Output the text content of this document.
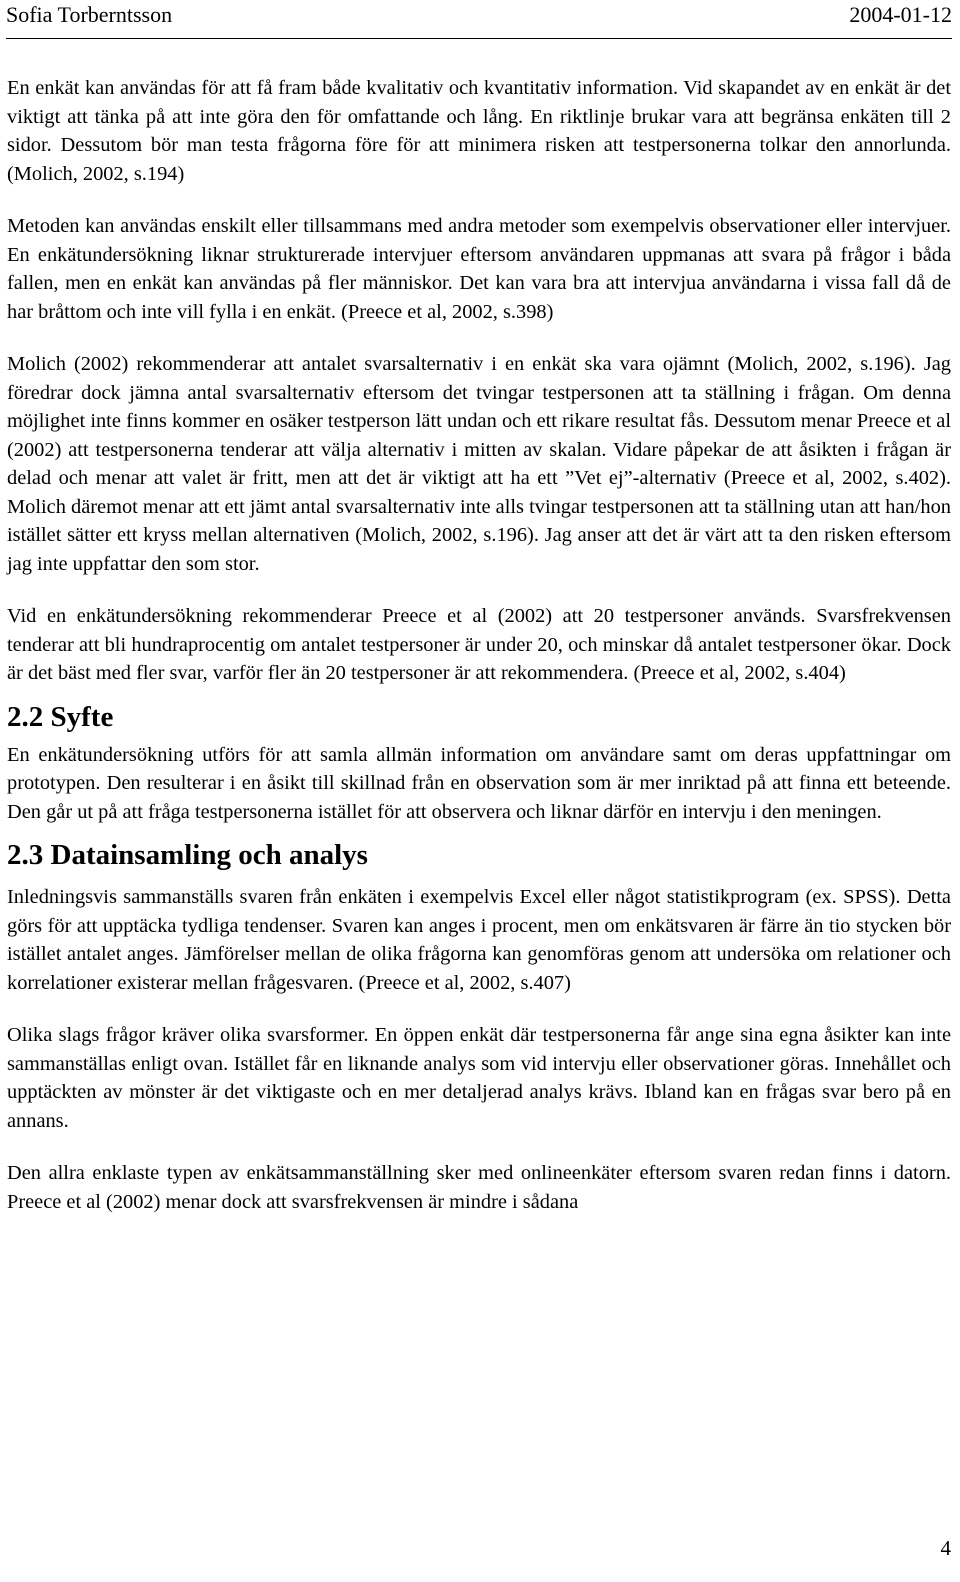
Sofia Torberntsson	2004-01-12

En enkät kan användas för att få fram både kvalitativ och kvantitativ information. Vid skapandet av en enkät är det viktigt att tänka på att inte göra den för omfattande och lång. En riktlinje brukar vara att begränsa enkäten till 2 sidor. Dessutom bör man testa frågorna före för att minimera risken att testpersonerna tolkar den annorlunda. (Molich, 2002, s.194)

Metoden kan användas enskilt eller tillsammans med andra metoder som exempelvis observationer eller intervjuer. En enkätundersökning liknar strukturerade intervjuer eftersom användaren uppmanas att svara på frågor i båda fallen, men en enkät kan användas på fler människor. Det kan vara bra att intervjua användarna i vissa fall då de har bråttom och inte vill fylla i en enkät. (Preece et al, 2002, s.398)

Molich (2002) rekommenderar att antalet svarsalternativ i en enkät ska vara ojämnt (Molich, 2002, s.196). Jag föredrar dock jämna antal svarsalternativ eftersom det tvingar testpersonen att ta ställning i frågan. Om denna möjlighet inte finns kommer en osäker testperson lätt undan och ett rikare resultat fås. Dessutom menar Preece et al (2002) att testpersonerna tenderar att välja alternativ i mitten av skalan. Vidare påpekar de att åsikten i frågan är delad och menar att valet är fritt, men att det är viktigt att ha ett ”Vet ej”-alternativ (Preece et al, 2002, s.402). Molich däremot menar att ett jämt antal svarsalternativ inte alls tvingar testpersonen att ta ställning utan att han/hon istället sätter ett kryss mellan alternativen (Molich, 2002, s.196). Jag anser att det är värt att ta den risken eftersom jag inte uppfattar den som stor.

Vid en enkätundersökning rekommenderar Preece et al (2002) att 20 testpersoner används. Svarsfrekvensen tenderar att bli hundraprocentig om antalet testpersoner är under 20, och minskar då antalet testpersoner ökar. Dock är det bäst med fler svar, varför fler än 20 testpersoner är att rekommendera. (Preece et al, 2002, s.404)

2.2 Syfte

En enkätundersökning utförs för att samla allmän information om användare samt om deras uppfattningar om prototypen. Den resulterar i en åsikt till skillnad från en observation som är mer inriktad på att finna ett beteende. Den går ut på att fråga testpersonerna istället för att observera och liknar därför en intervju i den meningen.

2.3 Datainsamling och analys

Inledningsvis sammanställs svaren från enkäten i exempelvis Excel eller något statistikprogram (ex. SPSS). Detta görs för att upptäcka tydliga tendenser. Svaren kan anges i procent, men om enkätsvaren är färre än tio stycken bör istället antalet anges. Jämförelser mellan de olika frågorna kan genomföras genom att undersöka om relationer och korrelationer existerar mellan frågesvaren. (Preece et al, 2002, s.407)

Olika slags frågor kräver olika svarsformer. En öppen enkät där testpersonerna får ange sina egna åsikter kan inte sammanställas enligt ovan. Istället får en liknande analys som vid intervju eller observationer göras. Innehållet och upptäckten av mönster är det viktigaste och en mer detaljerad analys krävs. Ibland kan en frågas svar bero på en annans.

Den allra enklaste typen av enkätsammanställning sker med onlineenkäter eftersom svaren redan finns i datorn. Preece et al (2002) menar dock att svarsfrekvensen är mindre i sådana

4
